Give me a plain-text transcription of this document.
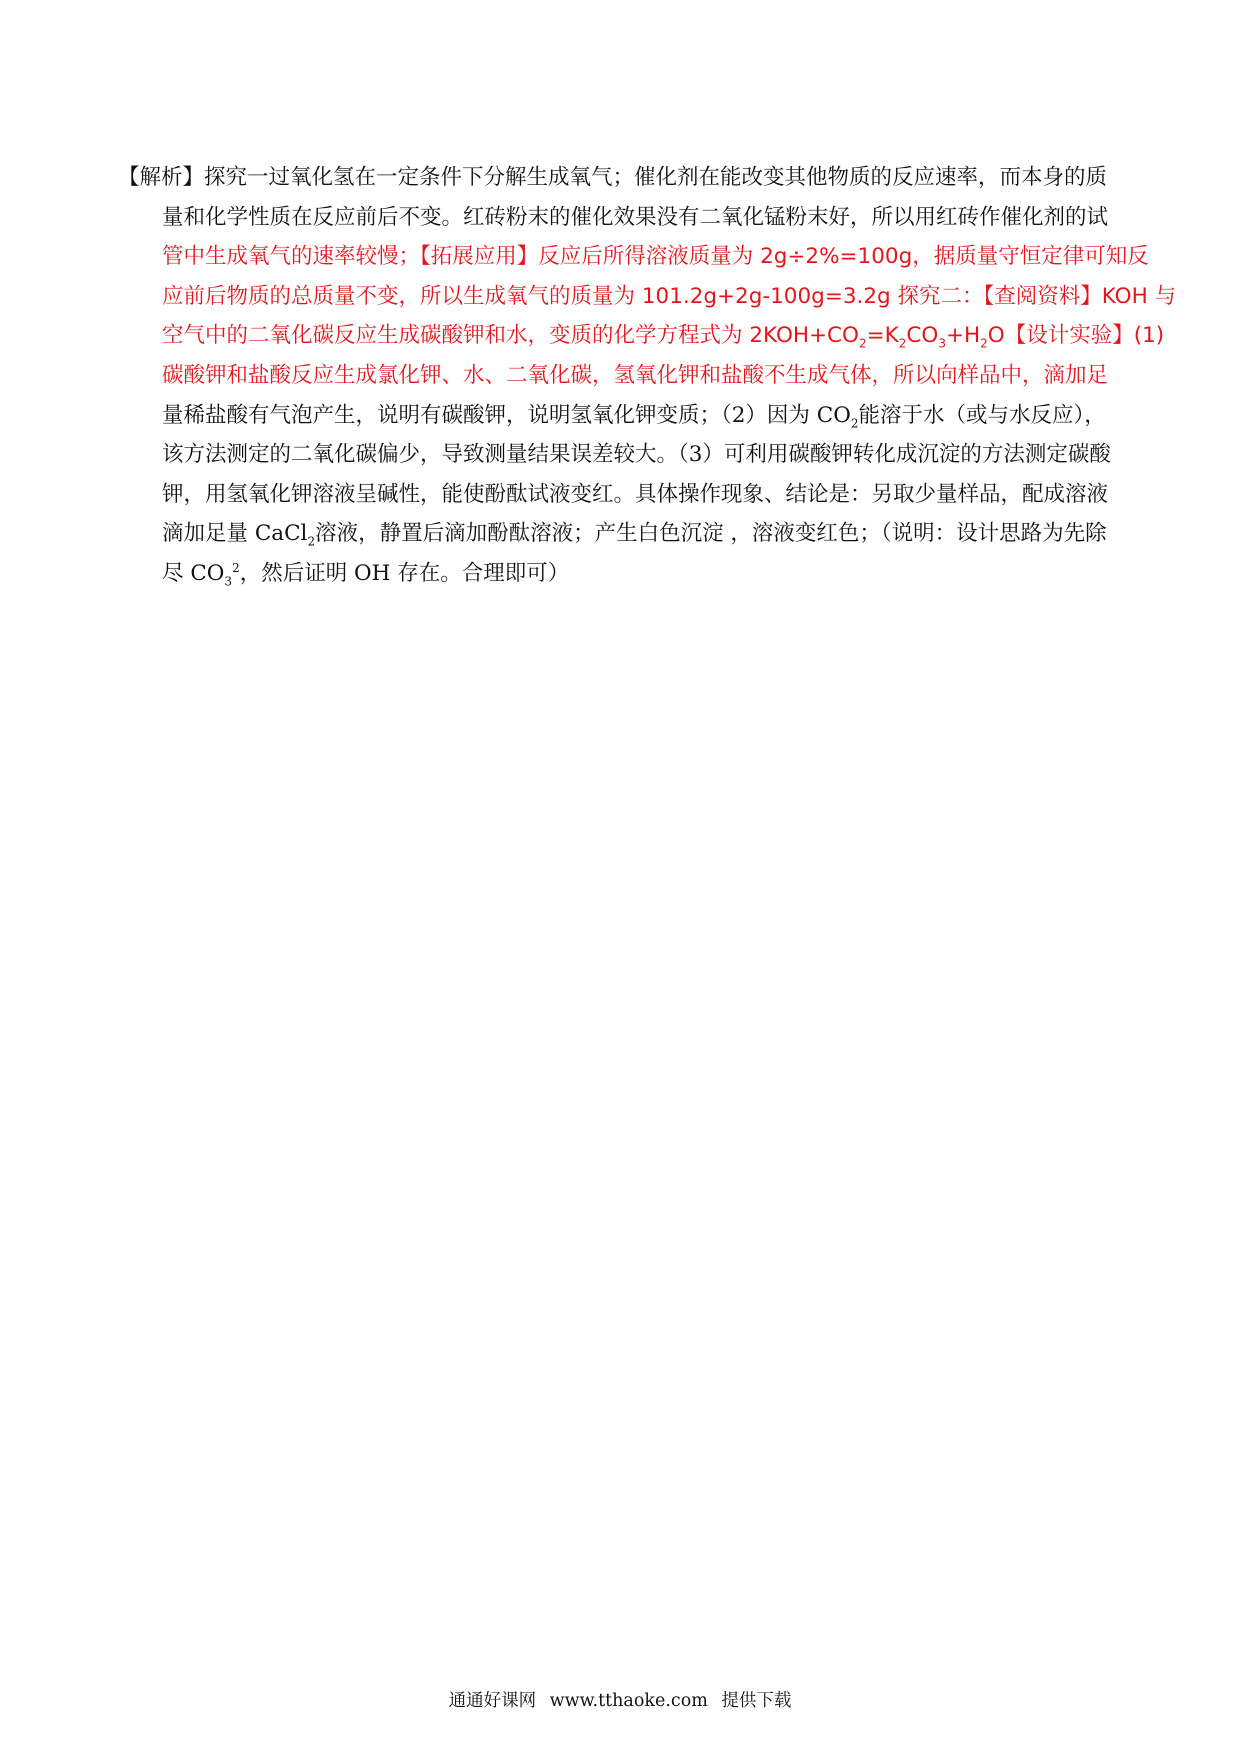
【解析】探究一过氧化氢在一定条件下分解生成氧气；催化剂在能改变其他物质的反应速率，而本身的质
量和化学性质在反应前后不变。红砖粉末的催化效果没有二氧化锰粉末好，所以用红砖作催化剂的试
管中生成氧气的速率较慢；【拓展应用】反应后所得溶液质量为 2g÷2%=100g，据质量守恒定律可知反
应前后物质的总质量不变，所以生成氧气的质量为 101.2g+2g-100g=3.2g 探究二：【查阅资料】KOH 与
空气中的二氧化碳反应生成碳酸钾和水，变质的化学方程式为 $2KOH+CO_2=K_2CO_3+H_2O$【设计实验】(1)
碳酸钾和盐酸反应生成氯化钾、水、二氧化碳，氢氧化钾和盐酸不生成气体，所以向样品中，滴加足
量稀盐酸有气泡产生，说明有碳酸钾，说明氢氧化钾变质；（2）因为 $CO_2$能溶于水（或与水反应），
该方法测定的二氧化碳偏少，导致测量结果误差较大。（3）可利用碳酸钾转化成沉淀的方法测定碳酸
钾，用氢氧化钾溶液呈碱性，能使酚酞试液变红。具体操作现象、结论是：另取少量样品，配成溶液
滴加足量 CaCl$_2$溶液，静置后滴加酚酞溶液；产生白色沉淀 ，溶液变红色；（说明：设计思路为先除
尽 $CO_3^2$，然后证明 OH 存在。合理即可）
通通好课网 www.tthaoke.com 提供下载
